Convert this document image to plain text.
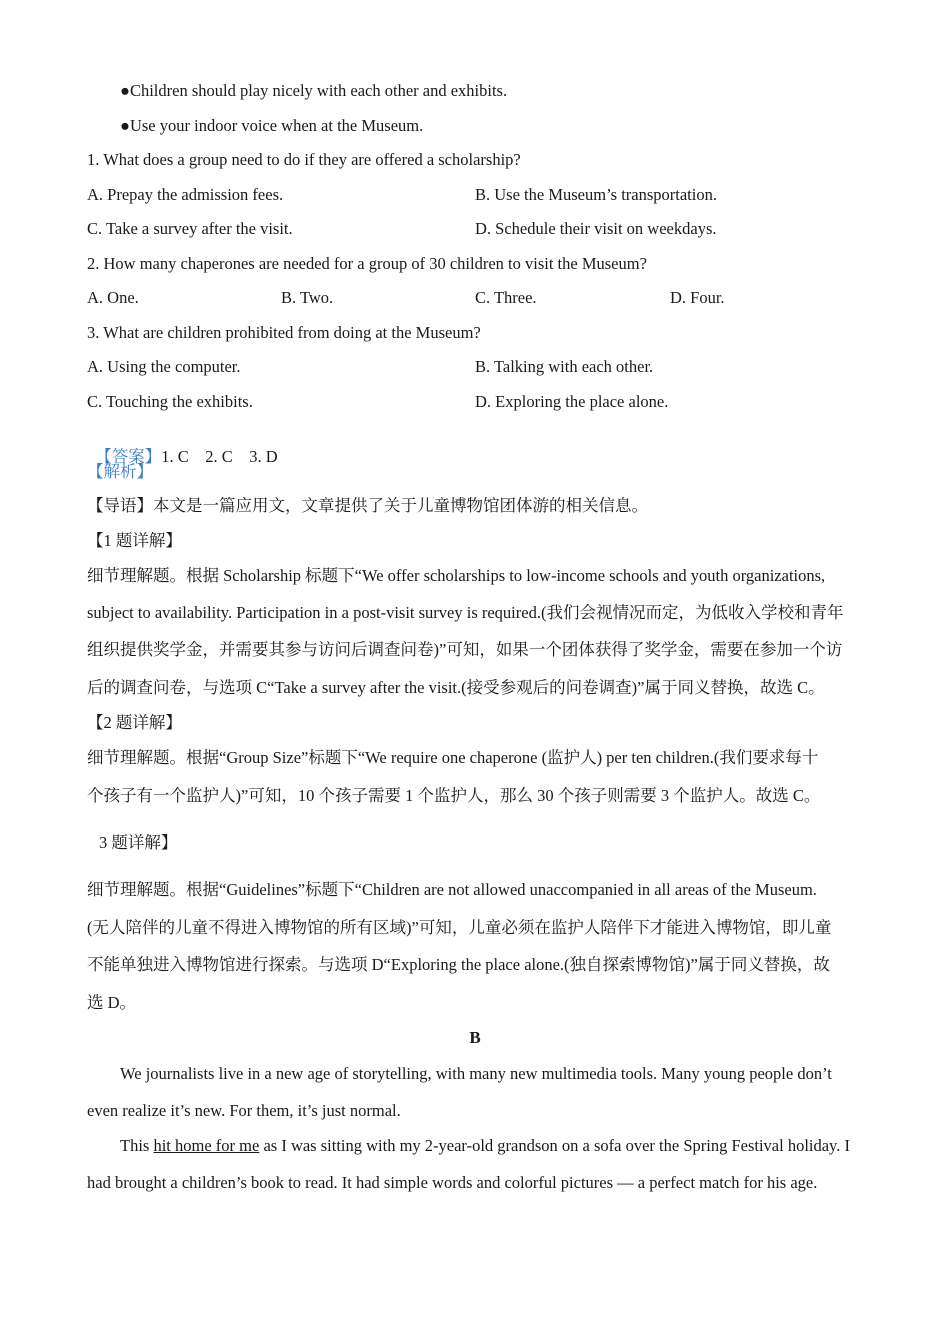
●Children should play nicely with each other and exhibits.
●Use your indoor voice when at the Museum.
1. What does a group need to do if they are offered a scholarship?
A. Prepay the admission fees.	B. Use the Museum’s transportation.
C. Take a survey after the visit.	D. Schedule their visit on weekdays.
2. How many chaperones are needed for a group of 30 children to visit the Museum?
A. One.	B. Two.	C. Three.	D. Four.
3. What are children prohibited from doing at the Museum?
A. Using the computer.	B. Talking with each other.
C. Touching the exhibits.	D. Exploring the place alone.

【答案】1. C    2. C    3. D

【解析】
【导语】本文是一篇应用文，文章提供了关于儿童博物馆团体游的相关信息。
【1 题详解】
细节理解题。根据 Scholarship 标题下“We offer scholarships to low-income schools and youth organizations,
subject to availability. Participation in a post-visit survey is required.(我们会视情况而定，为低收入学校和青年
组织提供奖学金，并需要其参与访问后调查问卷)”可知，如果一个团体获得了奖学金，需要在参加一个访
后的调查问卷，与选项 C“Take a survey after the visit.(接受参观后的问卷调查)”属于同义替换，故选 C。
【2 题详解】
细节理解题。根据“Group Size”标题下“We require one chaperone (监护人) per ten children.(我们要求每十
个孩子有一个监护人)”可知，10 个孩子需要 1 个监护人，那么 30 个孩子则需要 3 个监护人。故选 C。
3 题详解】
细节理解题。根据“Guidelines”标题下“Children are not allowed unaccompanied in all areas of the Museum.
(无人陪伴的儿童不得进入博物馆的所有区域)”可知，儿童必须在监护人陪伴下才能进入博物馆，即儿童
不能单独进入博物馆进行探索。与选项 D“Exploring the place alone.(独自探索博物馆)”属于同义替换，故
选 D。
B
We journalists live in a new age of storytelling, with many new multimedia tools. Many young people don’t
even realize it’s new. For them, it’s just normal.
This hit home for me as I was sitting with my 2-year-old grandson on a sofa over the Spring Festival holiday. I
had brought a children’s book to read. It had simple words and colorful pictures — a perfect match for his age.
